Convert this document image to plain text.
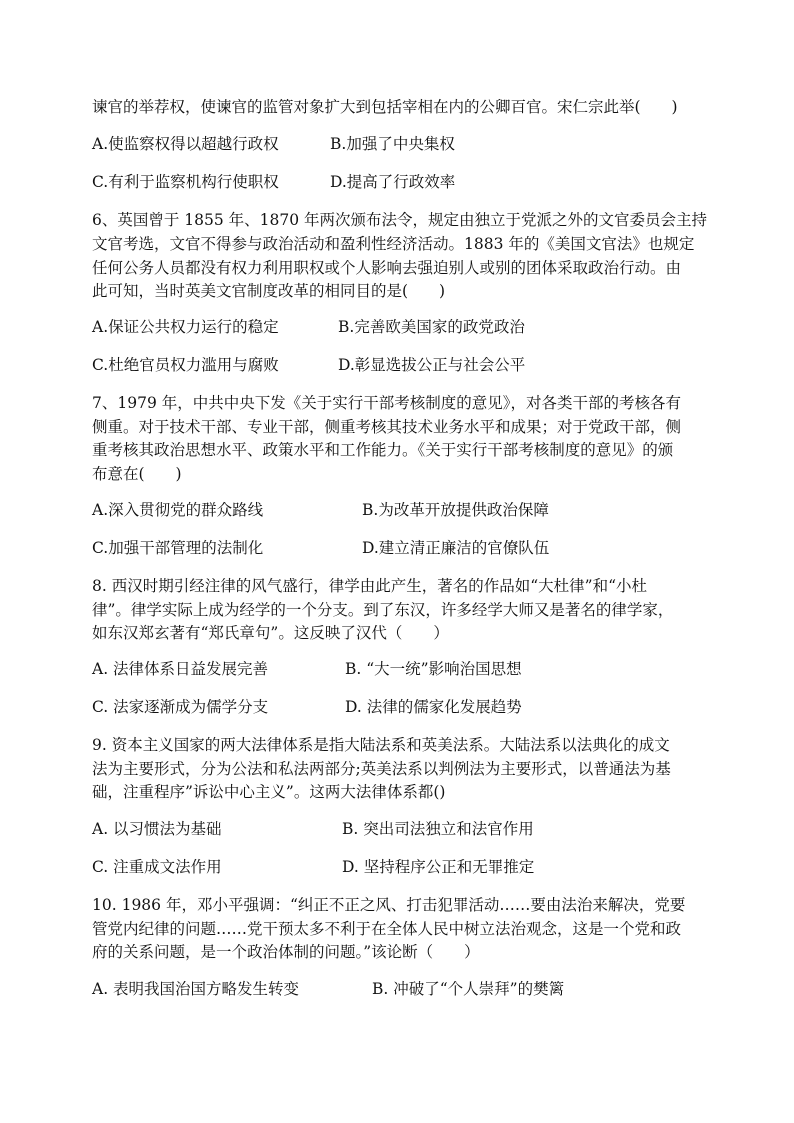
谏官的举荐权，使谏官的监管对象扩大到包括宰相在内的公卿百官。宋仁宗此举(　　)
A.使监察权得以超越行政权	B.加强了中央集权
C.有利于监察机构行使职权	D.提高了行政效率
6、英国曾于 1855 年、1870 年两次颁布法令，规定由独立于党派之外的文官委员会主持
文官考选，文官不得参与政治活动和盈利性经济活动。1883 年的《美国文官法》也规定
任何公务人员都没有权力利用职权或个人影响去强迫别人或别的团体采取政治行动。由
此可知，当时英美文官制度改革的相同目的是(　　)
A.保证公共权力运行的稳定	B.完善欧美国家的政党政治
C.杜绝官员权力滥用与腐败	D.彰显选拔公正与社会公平
7、1979 年，中共中央下发《关于实行干部考核制度的意见》，对各类干部的考核各有
侧重。对于技术干部、专业干部，侧重考核其技术业务水平和成果；对于党政干部，侧
重考核其政治思想水平、政策水平和工作能力。《关于实行干部考核制度的意见》的颁
布意在(　　)
A.深入贯彻党的群众路线	B.为改革开放提供政治保障
C.加强干部管理的法制化	D.建立清正廉洁的官僚队伍
8. 西汉时期引经注律的风气盛行，律学由此产生，著名的作品如“大杜律”和“小杜
律”。律学实际上成为经学的一个分支。到了东汉，许多经学大师又是著名的律学家，
如东汉郑玄著有“郑氏章句”。这反映了汉代（　　）
A. 法律体系日益发展完善	B. “大一统”影响治国思想
C. 法家逐渐成为儒学分支	D. 法律的儒家化发展趋势
9. 资本主义国家的两大法律体系是指大陆法系和英美法系。大陆法系以法典化的成文
法为主要形式，分为公法和私法两部分;英美法系以判例法为主要形式，以普通法为基
础，注重程序”诉讼中心主义”。这两大法律体系都()
A. 以习惯法为基础	B. 突出司法独立和法官作用
C. 注重成文法作用	D. 坚持程序公正和无罪推定
10. 1986 年，邓小平强调：“纠正不正之风、打击犯罪活动……要由法治来解决，党要
管党内纪律的问题……党干预太多不利于在全体人民中树立法治观念，这是一个党和政
府的关系问题，是一个政治体制的问题。”该论断（　　）
A. 表明我国治国方略发生转变	B. 冲破了“个人崇拜”的樊篱
